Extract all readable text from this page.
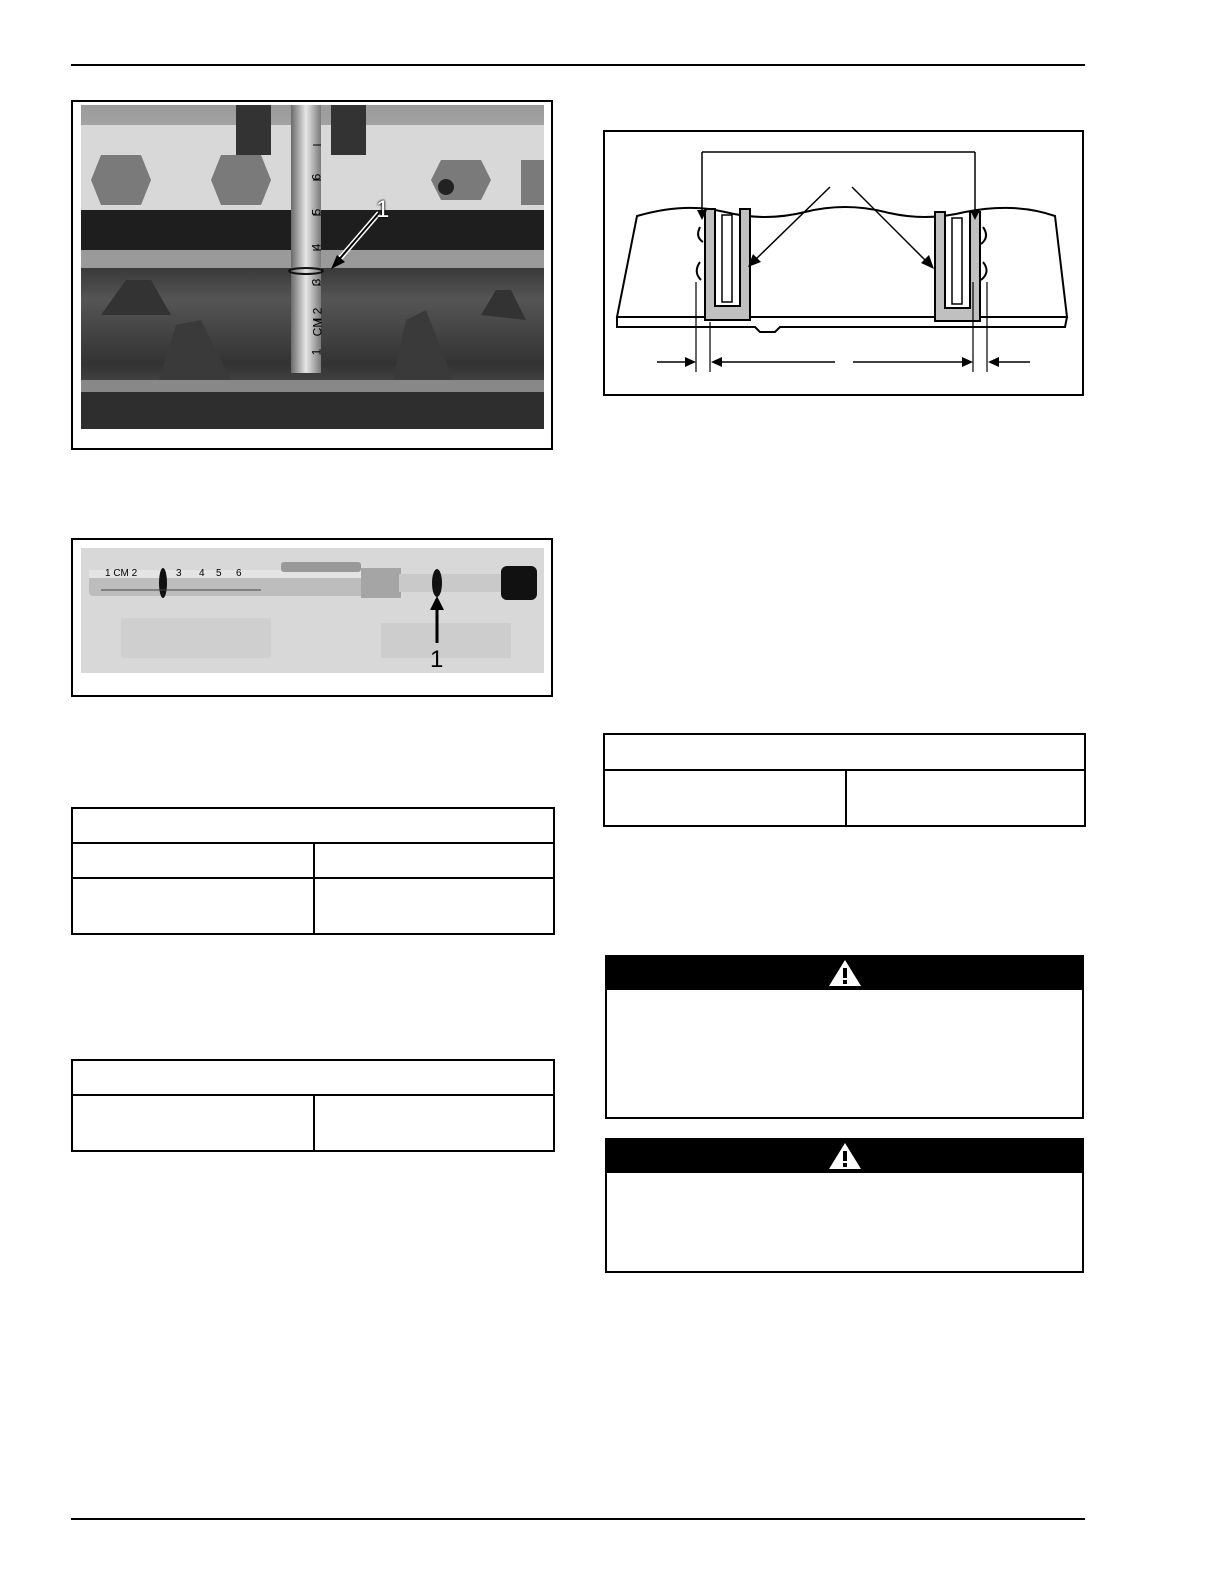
6
5
4
3
CM 2
1
1
1 CM 2	3 4 5 6
1
